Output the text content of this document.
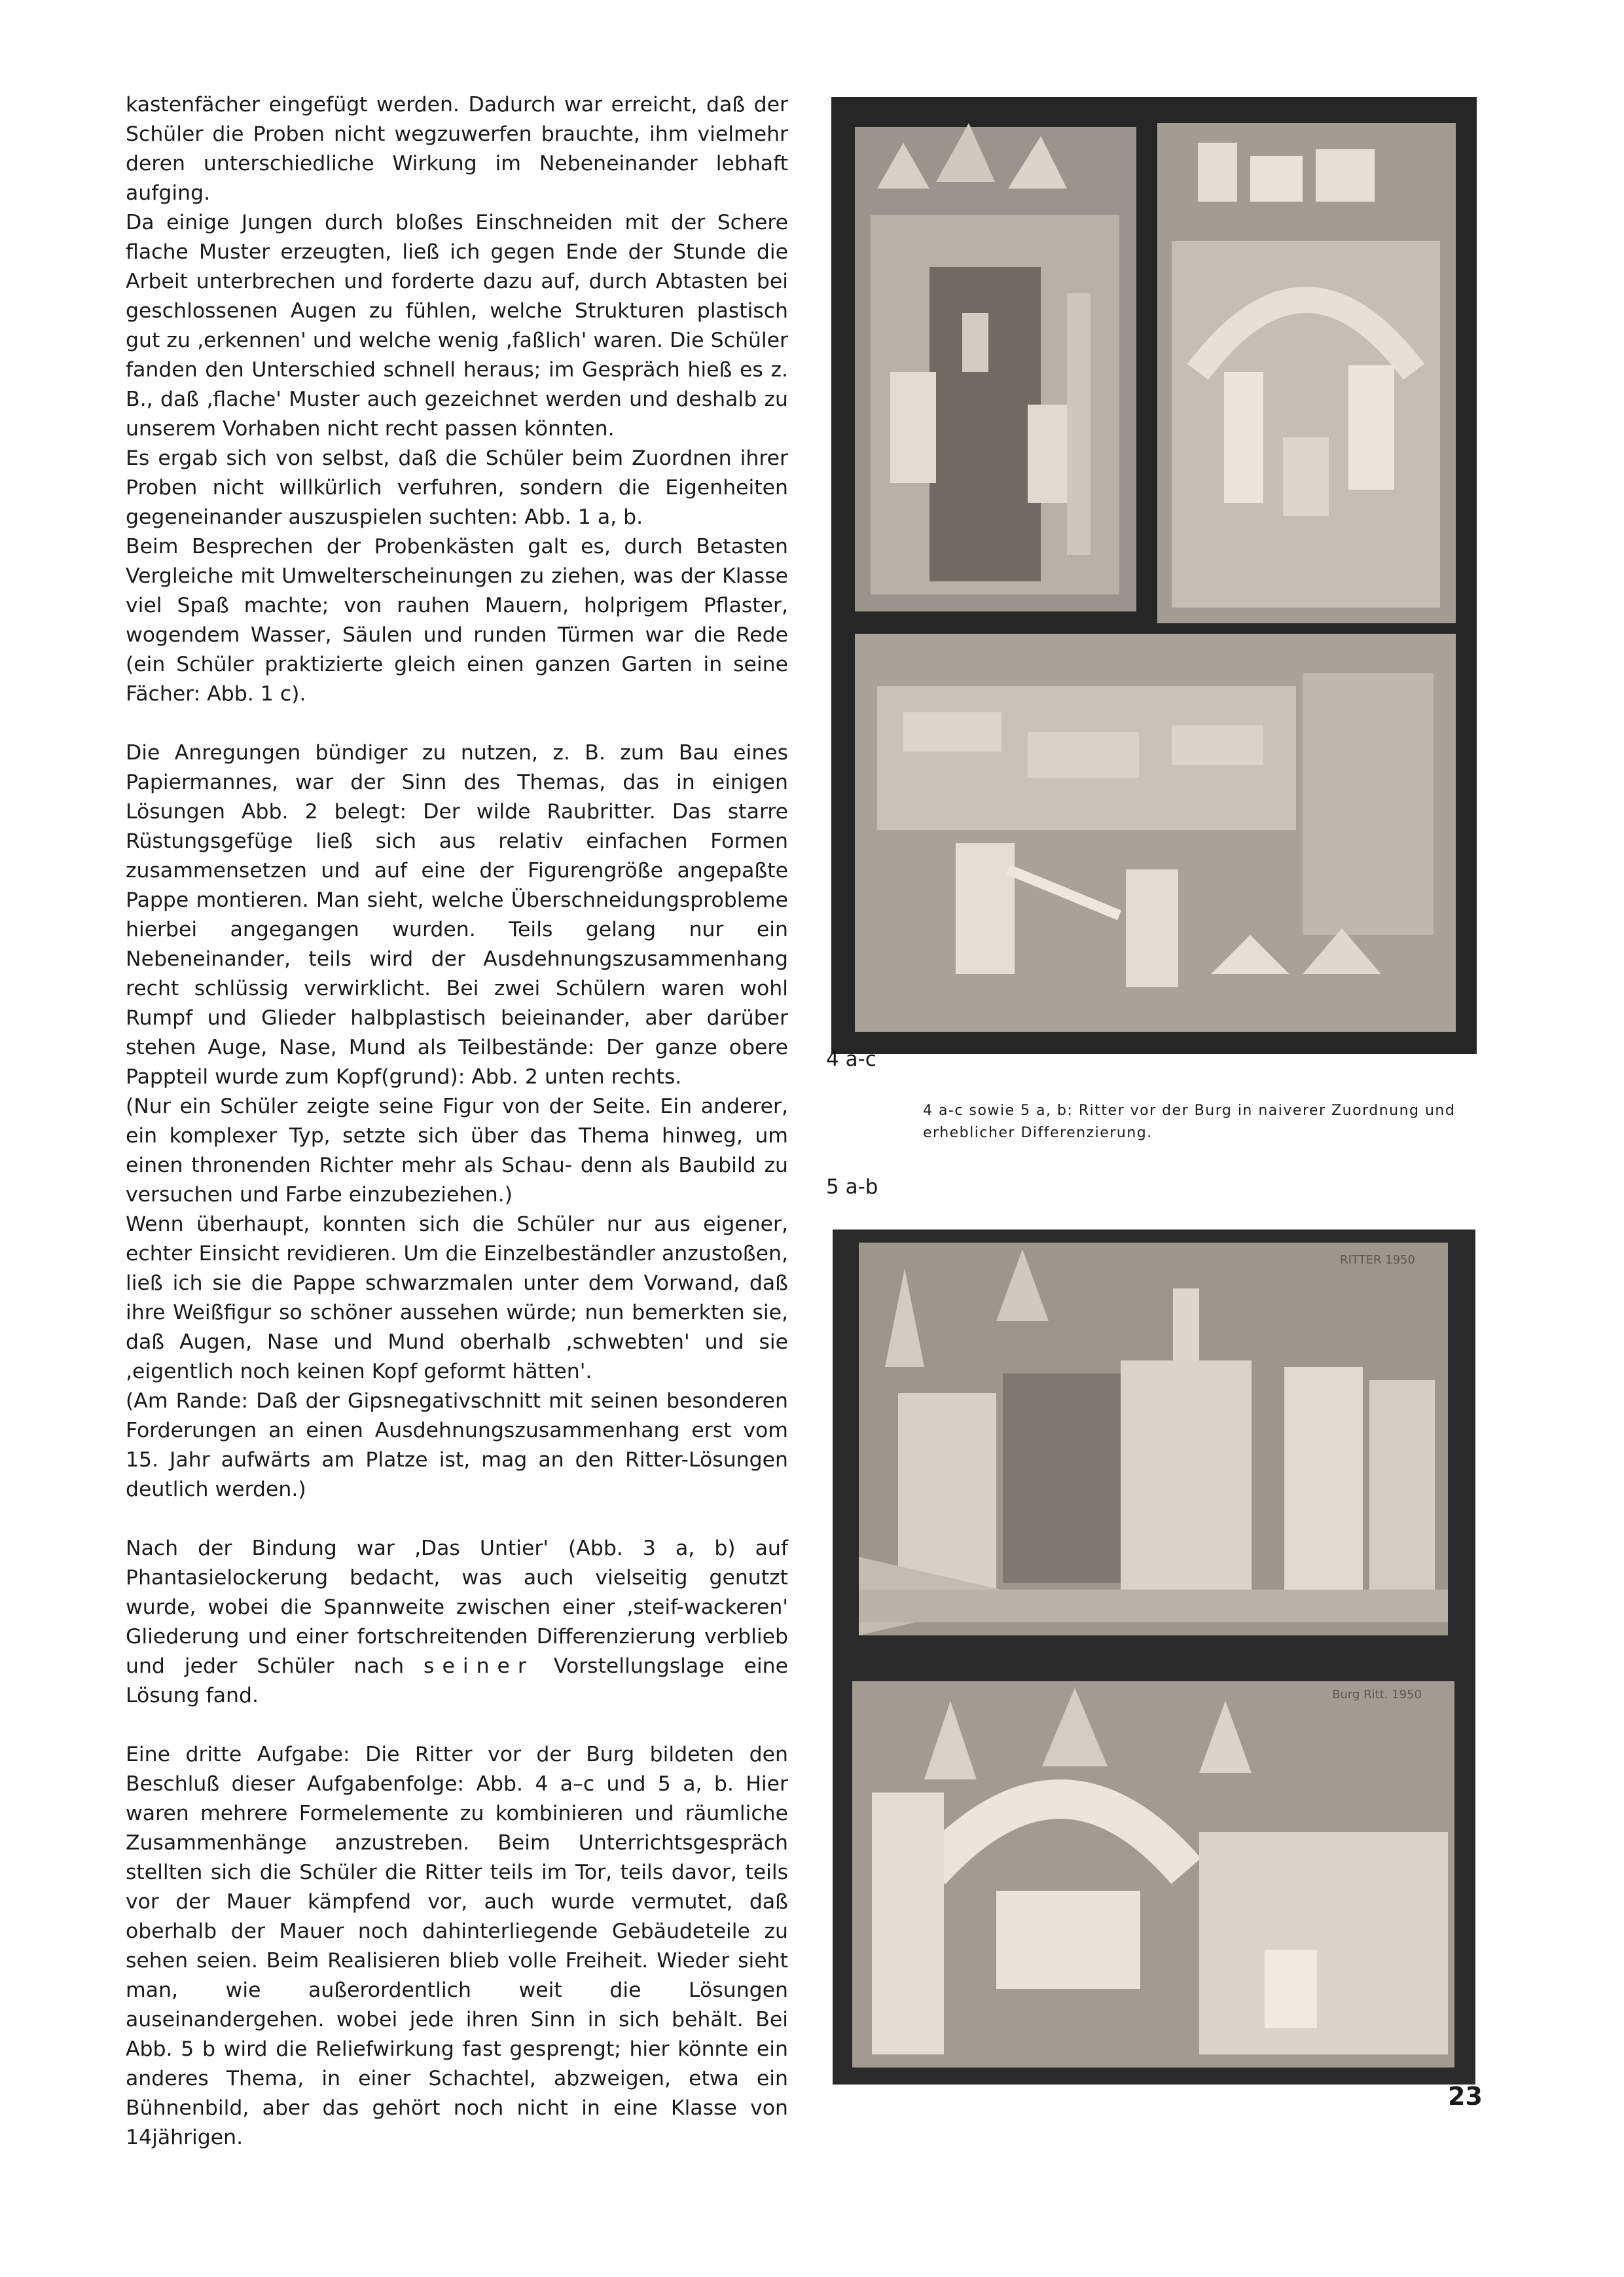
kastenfächer eingefügt werden. Dadurch war erreicht, daß der Schüler die Proben nicht wegzuwerfen brauchte, ihm vielmehr deren unterschiedliche Wirkung im Nebeneinander lebhaft aufging.

Da einige Jungen durch bloßes Einschneiden mit der Schere flache Muster erzeugten, ließ ich gegen Ende der Stunde die Arbeit unterbrechen und forderte dazu auf, durch Abtasten bei geschlossenen Augen zu fühlen, welche Strukturen plastisch gut zu ‚erkennen' und welche wenig ‚faßlich' waren. Die Schüler fanden den Unterschied schnell heraus; im Gespräch hieß es z. B., daß ‚flache' Muster auch gezeichnet werden und deshalb zu unserem Vorhaben nicht recht passen könnten.

Es ergab sich von selbst, daß die Schüler beim Zuordnen ihrer Proben nicht willkürlich verfuhren, sondern die Eigenheiten gegeneinander auszuspielen suchten: Abb. 1 a, b.

Beim Besprechen der Probenkästen galt es, durch Betasten Vergleiche mit Umwelterscheinungen zu ziehen, was der Klasse viel Spaß machte; von rauhen Mauern, holprigem Pflaster, wogendem Wasser, Säulen und runden Türmen war die Rede (ein Schüler praktizierte gleich einen ganzen Garten in seine Fächer: Abb. 1 c).

Die Anregungen bündiger zu nutzen, z. B. zum Bau eines Papiermannes, war der Sinn des Themas, das in einigen Lösungen Abb. 2 belegt: Der wilde Raubritter. Das starre Rüstungsgefüge ließ sich aus relativ einfachen Formen zusammensetzen und auf eine der Figurengröße angepaßte Pappe montieren. Man sieht, welche Überschneidungsprobleme hierbei angegangen wurden. Teils gelang nur ein Nebeneinander, teils wird der Ausdehnungszusammenhang recht schlüssig verwirklicht. Bei zwei Schülern waren wohl Rumpf und Glieder halbplastisch beieinander, aber darüber stehen Auge, Nase, Mund als Teilbestände: Der ganze obere Pappteil wurde zum Kopf(grund): Abb. 2 unten rechts.

(Nur ein Schüler zeigte seine Figur von der Seite. Ein anderer, ein komplexer Typ, setzte sich über das Thema hinweg, um einen thronenden Richter mehr als Schau- denn als Baubild zu versuchen und Farbe einzubeziehen.)

Wenn überhaupt, konnten sich die Schüler nur aus eigener, echter Einsicht revidieren. Um die Einzelbeständler anzustoßen, ließ ich sie die Pappe schwarzmalen unter dem Vorwand, daß ihre Weißfigur so schöner aussehen würde; nun bemerkten sie, daß Augen, Nase und Mund oberhalb ‚schwebten' und sie ‚eigentlich noch keinen Kopf geformt hätten'.

(Am Rande: Daß der Gipsnegativschnitt mit seinen besonderen Forderungen an einen Ausdehnungszusammenhang erst vom 15. Jahr aufwärts am Platze ist, mag an den Ritter-Lösungen deutlich werden.)

Nach der Bindung war ‚Das Untier' (Abb. 3 a, b) auf Phantasielockerung bedacht, was auch vielseitig genutzt wurde, wobei die Spannweite zwischen einer ‚steif-wackeren' Gliederung und einer fortschreitenden Differenzierung verblieb und jeder Schüler nach seiner Vorstellungslage eine Lösung fand.

Eine dritte Aufgabe: Die Ritter vor der Burg bildeten den Beschluß dieser Aufgabenfolge: Abb. 4 a–c und 5 a, b. Hier waren mehrere Formelemente zu kombinieren und räumliche Zusammenhänge anzustreben. Beim Unterrichtsgespräch stellten sich die Schüler die Ritter teils im Tor, teils davor, teils vor der Mauer kämpfend vor, auch wurde vermutet, daß oberhalb der Mauer noch dahinterliegende Gebäudeteile zu sehen seien. Beim Realisieren blieb volle Freiheit. Wieder sieht man, wie außerordentlich weit die Lösungen auseinandergehen. wobei jede ihren Sinn in sich behält. Bei Abb. 5 b wird die Reliefwirkung fast gesprengt; hier könnte ein anderes Thema, in einer Schachtel, abzweigen, etwa ein Bühnenbild, aber das gehört noch nicht in eine Klasse von 14jährigen.

4 a-c
4 a-c sowie 5 a, b: Ritter vor der Burg in naiverer Zuordnung und erheblicher Differenzierung.
5 a-b
RITTER 1950
Burg Ritt. 1950
23
